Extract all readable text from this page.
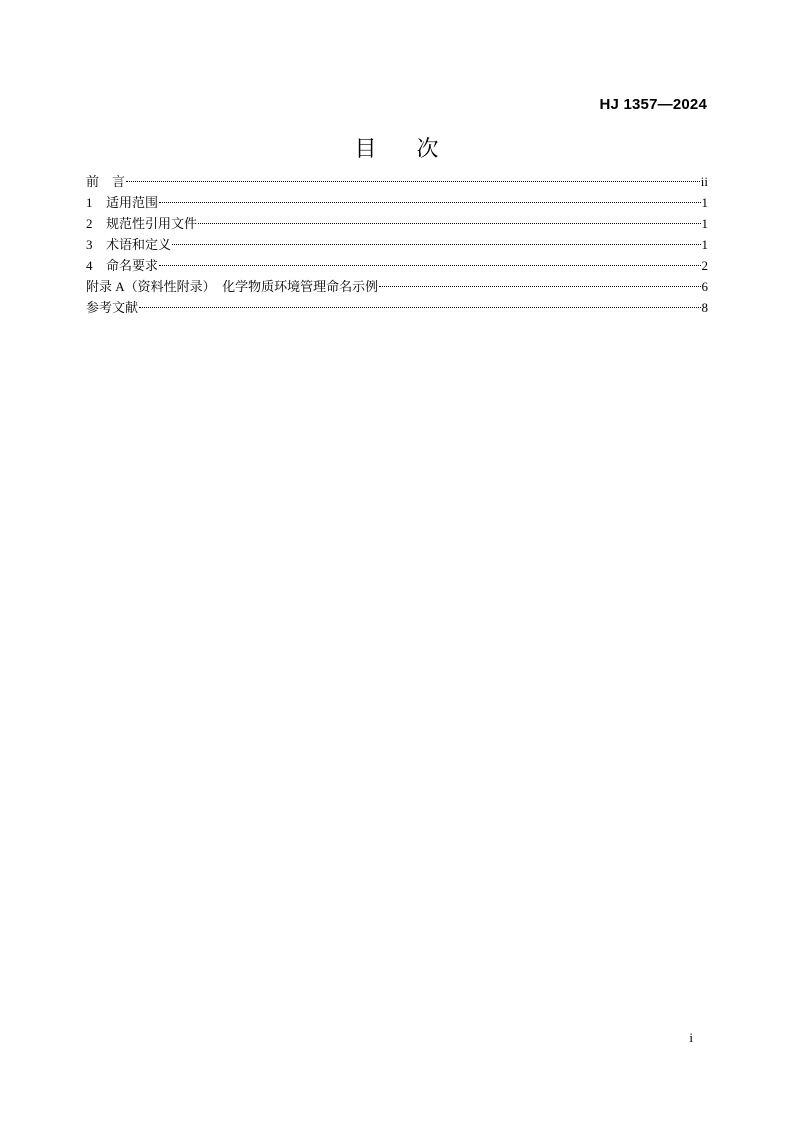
HJ 1357—2024
目 次
前　言	ii
1	适用范围	1
2	规范性引用文件	1
3	术语和定义	1
4	命名要求	2
附录 A（资料性附录）　化学物质环境管理命名示例	6
参考文献	8
i
